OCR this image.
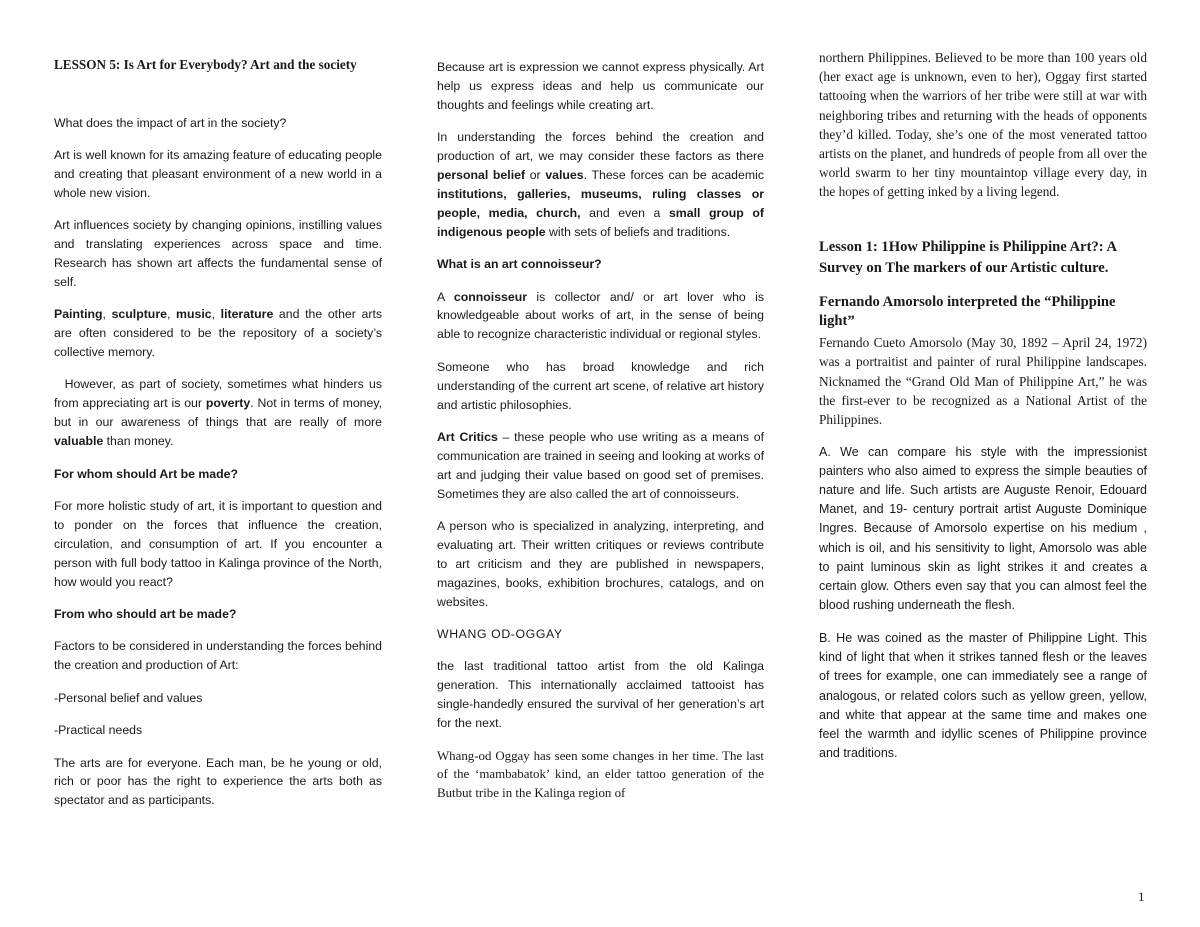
LESSON 5: Is Art for Everybody? Art and the society

What does the impact of art in the society?

Art is well known for its amazing feature of educating people and creating that pleasant environment of a new world in a whole new vision.

Art influences society by changing opinions, instilling values and translating experiences across space and time. Research has shown art affects the fundamental sense of self.

Painting, sculpture, music, literature and the other arts are often considered to be the repository of a society’s collective memory.

However, as part of society, sometimes what hinders us from appreciating art is our poverty. Not in terms of money, but in our awareness of things that are really of more valuable than money.

For whom should Art be made?

For more holistic study of art, it is important to question and to ponder on the forces that influence the creation, circulation, and consumption of art. If you encounter a person with full body tattoo in Kalinga province of the North, how would you react?

From who should art be made?

Factors to be considered in understanding the forces behind the creation and production of Art:

-Personal belief and values

-Practical needs

The arts are for everyone. Each man, be he young or old, rich or poor has the right to experience the arts both as spectator and as participants.

Because art is expression we cannot express physically. Art help us express ideas and help us communicate our thoughts and feelings while creating art.

In understanding the forces behind the creation and production of art, we may consider these factors as there personal belief or values. These forces can be academic institutions, galleries, museums, ruling classes or people, media, church, and even a small group of indigenous people with sets of beliefs and traditions.

What is an art connoisseur?

A connoisseur is collector and/ or art lover who is knowledgeable about works of art, in the sense of being able to recognize characteristic individual or regional styles.

Someone who has broad knowledge and rich understanding of the current art scene, of relative art history and artistic philosophies.

Art Critics – these people who use writing as a means of communication are trained in seeing and looking at works of art and judging their value based on good set of premises. Sometimes they are also called the art of connoisseurs.

A person who is specialized in analyzing, interpreting, and evaluating art. Their written critiques or reviews contribute to art criticism and they are published in newspapers, magazines, books, exhibition brochures, catalogs, and on websites.

WHANG OD-OGGAY

the last traditional tattoo artist from the old Kalinga generation. This internationally acclaimed tattooist has single-handedly ensured the survival of her generation’s art for the next.

Whang-od Oggay has seen some changes in her time. The last of the ‘mambabatok’ kind, an elder tattoo generation of the Butbut tribe in the Kalinga region of

northern Philippines. Believed to be more than 100 years old (her exact age is unknown, even to her), Oggay first started tattooing when the warriors of her tribe were still at war with neighboring tribes and returning with the heads of opponents they’d killed. Today, she’s one of the most venerated tattoo artists on the planet, and hundreds of people from all over the world swarm to her tiny mountaintop village every day, in the hopes of getting inked by a living legend.

Lesson 1: 1How Philippine is Philippine Art?: A Survey on The markers of our Artistic culture.

Fernando Amorsolo interpreted the “Philippine light”

Fernando Cueto Amorsolo (May 30, 1892 – April 24, 1972) was a portraitist and painter of rural Philippine landscapes. Nicknamed the “Grand Old Man of Philippine Art,” he was the first-ever to be recognized as a National Artist of the Philippines.

A. We can compare his style with the impressionist painters who also aimed to express the simple beauties of nature and life. Such artists are Auguste Renoir, Edouard Manet, and 19- century portrait artist Auguste Dominique Ingres. Because of Amorsolo expertise on his medium , which is oil, and his sensitivity to light, Amorsolo was able to paint luminous skin as light strikes it and creates a certain glow. Others even say that you can almost feel the blood rushing underneath the flesh.

B. He was coined as the master of Philippine Light. This kind of light that when it strikes tanned flesh or the leaves of trees for example, one can immediately see a range of analogous, or related colors such as yellow green, yellow, and white that appear at the same time and makes one feel the warmth and idyllic scenes of Philippine province and traditions.

1
